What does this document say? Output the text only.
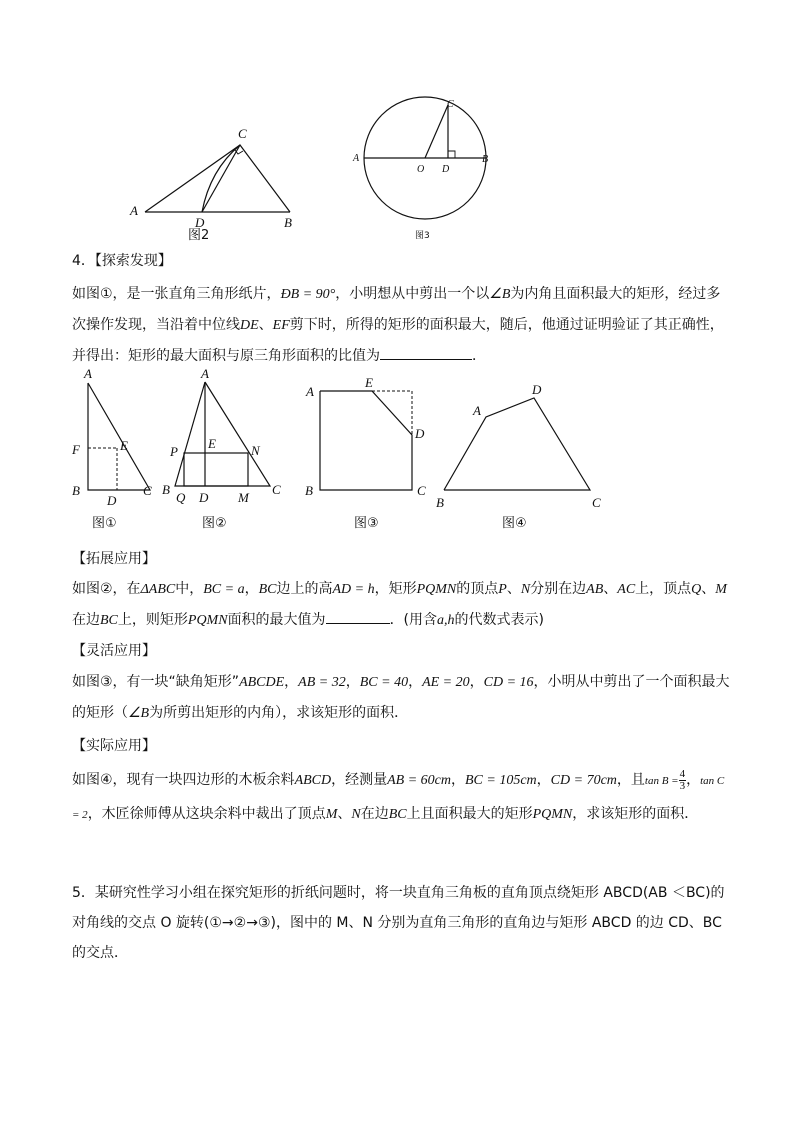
A
C
D	B
图2
A
C
O D
B
图3

4．【探索发现】

如图①，是一张直角三角形纸片，ÐB = 90°，小明想从中剪出一个以∠B为内角且面积最大的矩形，经过多次操作发现，当沿着中位线DE、EF剪下时，所得的矩形的面积最大，随后，他通过证明验证了其正确性，并得出：矩形的最大面积与原三角形面积的比值为	．

A
F	E
B
D
C
图①
A
P
E	N
Q D M
B	C
图②
A
E
D
B	C
图③
A
D
B	C
图④

【拓展应用】

如图②，在ΔABC中，BC = a，BC边上的高AD = h，矩形PQMN的顶点P、N分别在边AB、AC上，顶点Q、M在边BC上，则矩形PQMN面积的最大值为	．(用含a,h的代数式表示)

【灵活应用】

如图③，有一块“缺角矩形”ABCDE，AB = 32，BC = 40，AE = 20，CD = 16，小明从中剪出了一个面积最大的矩形（∠B为所剪出矩形的内角），求该矩形的面积．

【实际应用】

如图④，现有一块四边形的木板余料ABCD，经测量AB = 60cm，BC = 105cm，CD = 70cm，且$\tan B = \frac{4}{3}$ ，tan C = 2，木匠徐师傅从这块余料中裁出了顶点M、N在边BC上且面积最大的矩形PQMN，求该矩形的面积．

5．某研究性学习小组在探究矩形的折纸问题时，将一块直角三角板的直角顶点绕矩形 ABCD(AB ＜BC)的对角线的交点 O 旋转(①→②→③)，图中的 M、N 分别为直角三角形的直角边与矩形 ABCD 的边 CD、BC 的交点．
